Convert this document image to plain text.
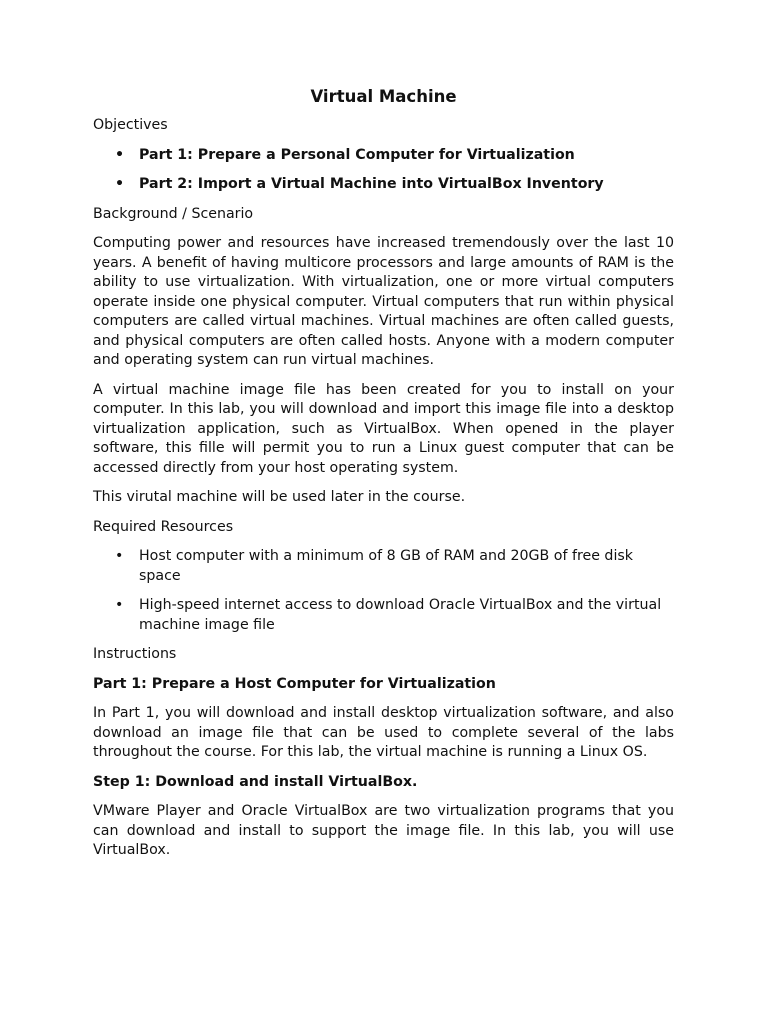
Virtual Machine
Objectives
• Part 1: Prepare a Personal Computer for Virtualization
• Part 2: Import a Virtual Machine into VirtualBox Inventory
Background / Scenario
Computing power and resources have increased tremendously over the last 10 years. A benefit of having multicore processors and large amounts of RAM is the ability to use virtualization. With virtualization, one or more virtual computers operate inside one physical computer. Virtual computers that run within physical computers are called virtual machines. Virtual machines are often called guests, and physical computers are often called hosts. Anyone with a modern computer and operating system can run virtual machines.
A virtual machine image file has been created for you to install on your computer. In this lab, you will download and import this image file into a desktop virtualization application, such as VirtualBox. When opened in the player software, this fille will permit you to run a Linux guest computer that can be accessed directly from your host operating system.
This virutal machine will be used later in the course.
Required Resources
• Host computer with a minimum of 8 GB of RAM and 20GB of free disk space
• High-speed internet access to download Oracle VirtualBox and the virtual machine image file
Instructions
Part 1: Prepare a Host Computer for Virtualization
In Part 1, you will download and install desktop virtualization software, and also download an image file that can be used to complete several of the labs throughout the course. For this lab, the virtual machine is running a Linux OS.
Step 1: Download and install VirtualBox.
VMware Player and Oracle VirtualBox are two virtualization programs that you can download and install to support the image file. In this lab, you will use VirtualBox.
